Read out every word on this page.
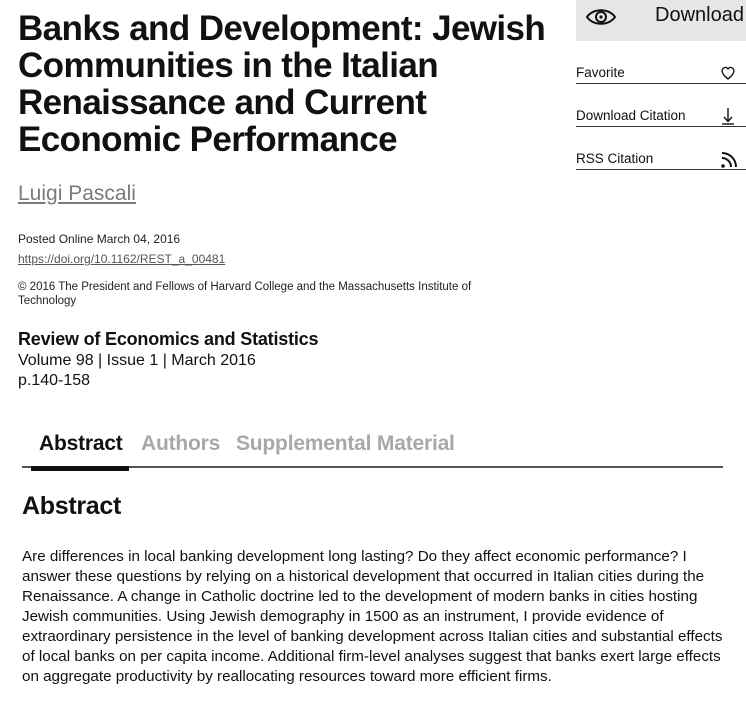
Banks and Development: Jewish Communities in the Italian Renaissance and Current Economic Performance
Luigi Pascali
Posted Online March 04, 2016
https://doi.org/10.1162/REST_a_00481
© 2016 The President and Fellows of Harvard College and the Massachusetts Institute of Technology
Review of Economics and Statistics
Volume 98 | Issue 1 | March 2016
p.140-158
Abstract Authors Supplemental Material
Abstract

Are differences in local banking development long lasting? Do they affect economic performance? I answer these questions by relying on a historical development that occurred in Italian cities during the Renaissance. A change in Catholic doctrine led to the development of modern banks in cities hosting Jewish communities. Using Jewish demography in 1500 as an instrument, I provide evidence of extraordinary persistence in the level of banking development across Italian cities and substantial effects of local banks on per capita income. Additional firm-level analyses suggest that banks exert large effects on aggregate productivity by reallocating resources toward more efficient firms.

Download
Favorite
Download Citation
RSS Citation
